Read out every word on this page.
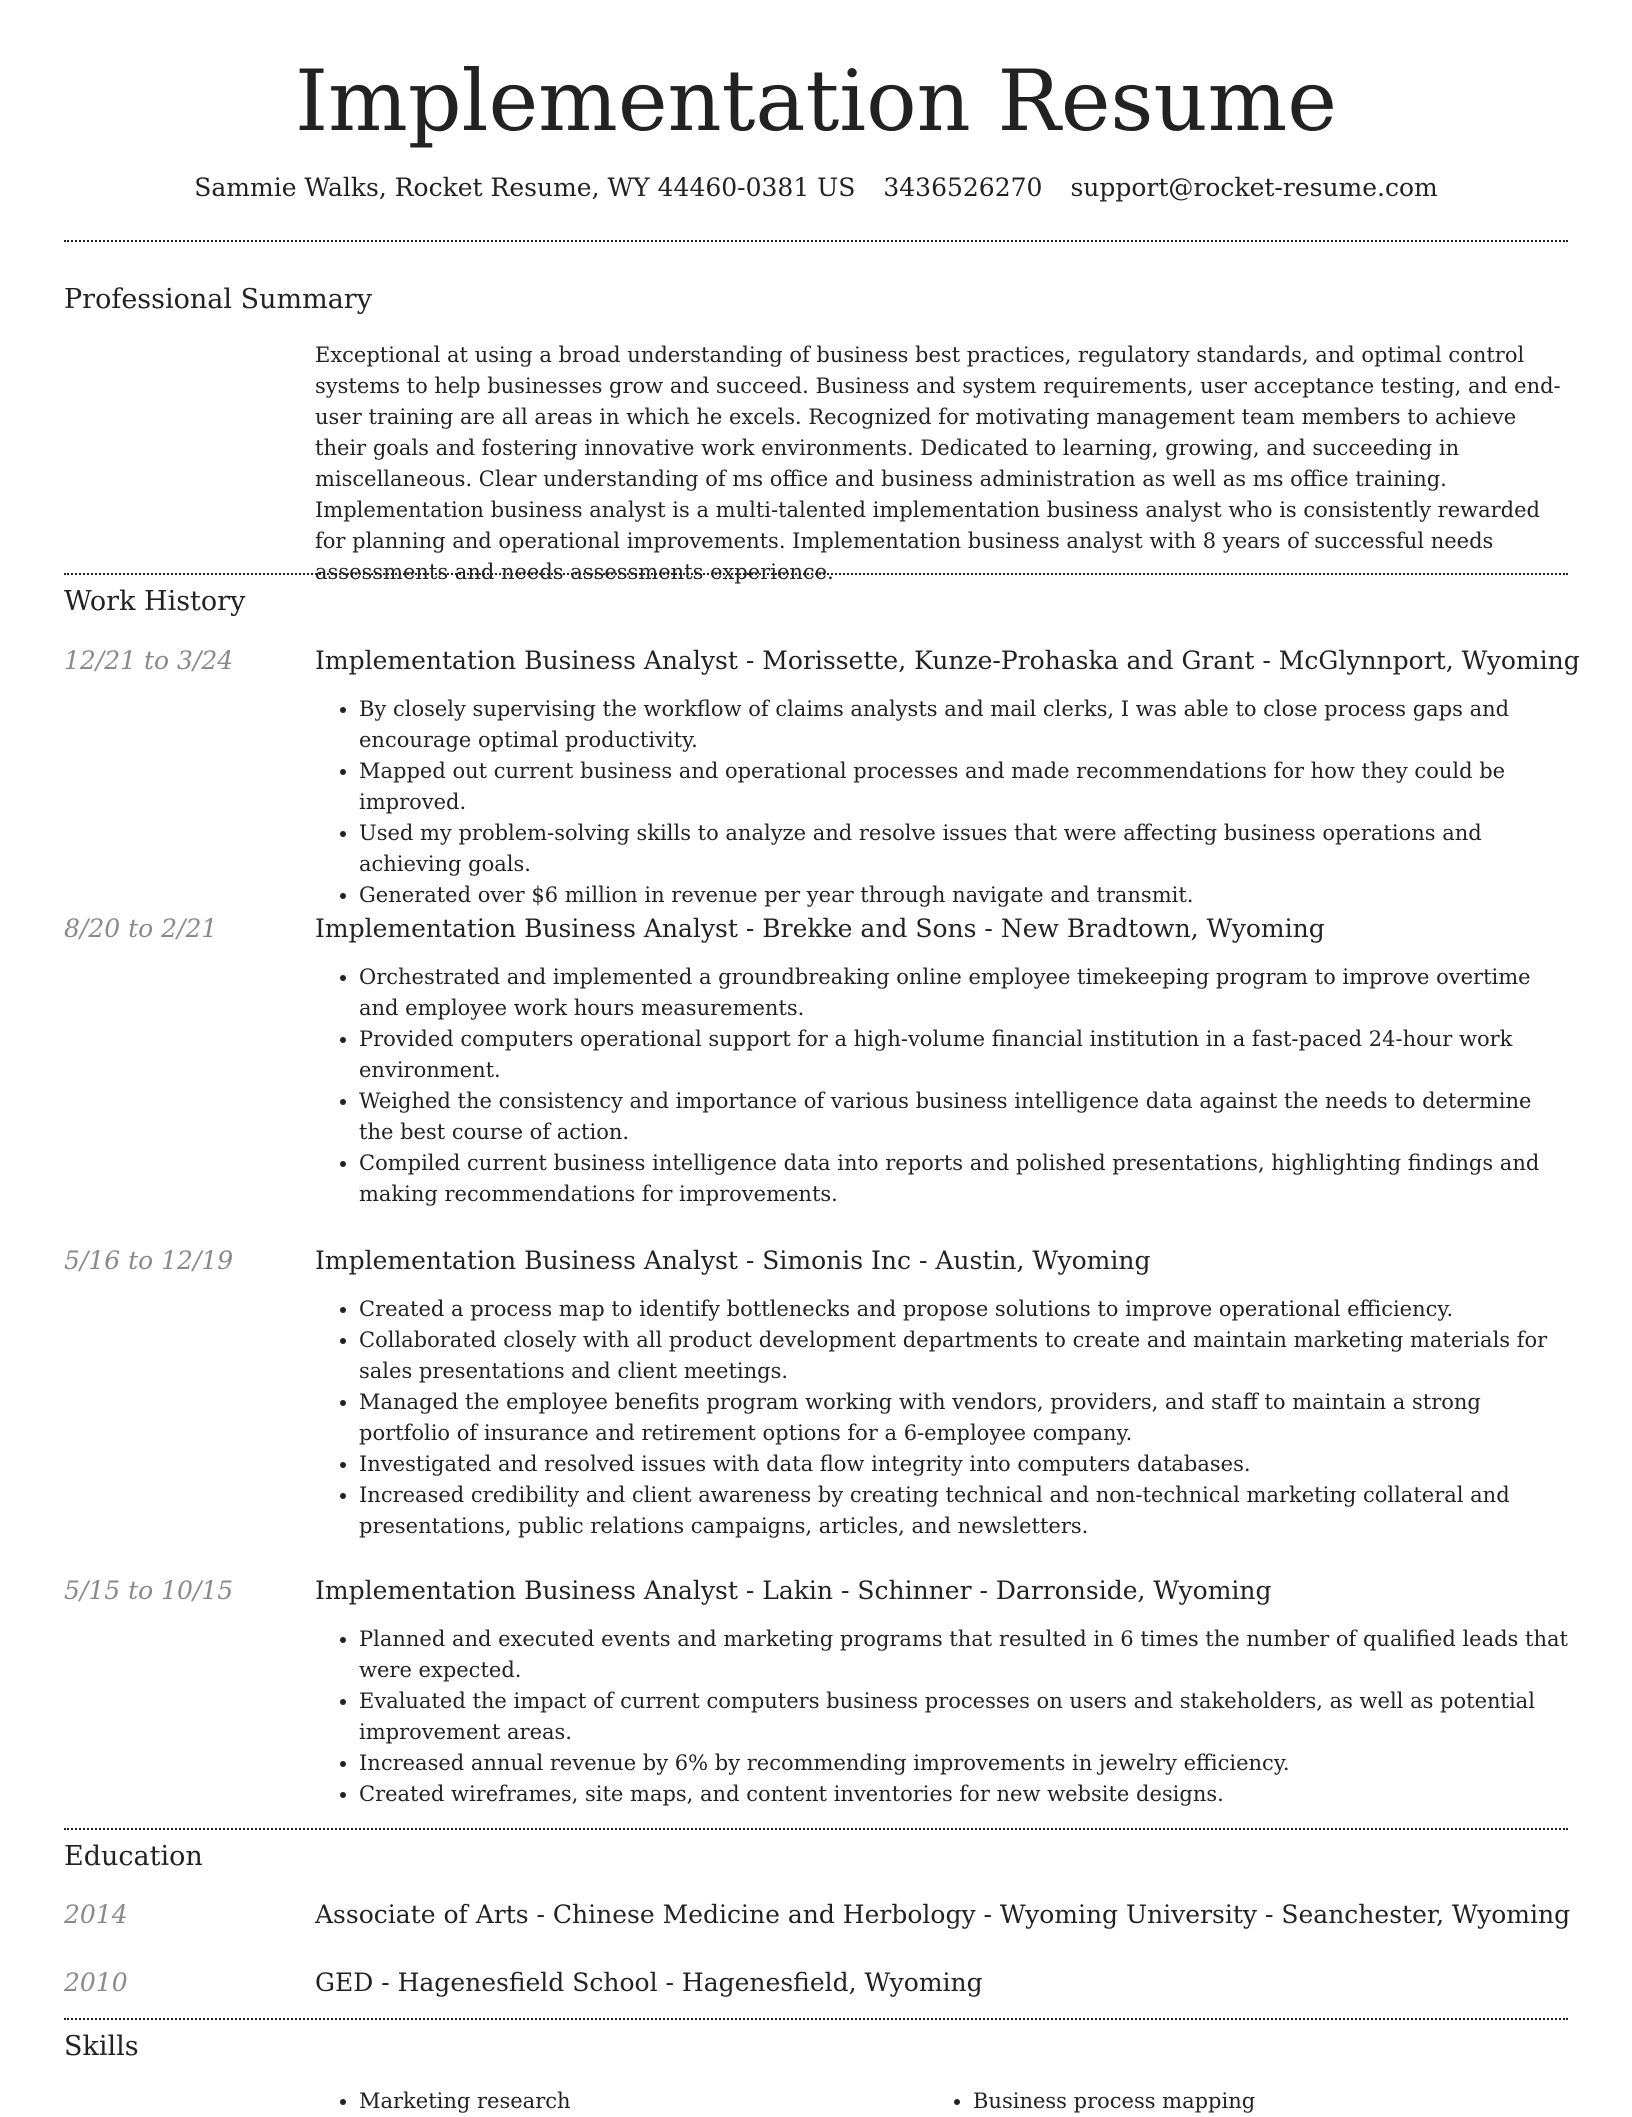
Implementation Resume
Sammie Walks, Rocket Resume, WY 44460-0381 US 3436526270 support@rocket-resume.com
Professional Summary
Exceptional at using a broad understanding of business best practices, regulatory standards, and optimal control systems to help businesses grow and succeed. Business and system requirements, user acceptance testing, and end-user training are all areas in which he excels. Recognized for motivating management team members to achieve their goals and fostering innovative work environments. Dedicated to learning, growing, and succeeding in miscellaneous. Clear understanding of ms office and business administration as well as ms office training. Implementation business analyst is a multi-talented implementation business analyst who is consistently rewarded for planning and operational improvements. Implementation business analyst with 8 years of successful needs assessments and needs assessments experience.
Work History
12/21 to 3/24	Implementation Business Analyst - Morissette, Kunze-Prohaska and Grant - McGlynnport, Wyoming
• By closely supervising the workflow of claims analysts and mail clerks, I was able to close process gaps and encourage optimal productivity.
• Mapped out current business and operational processes and made recommendations for how they could be improved.
• Used my problem-solving skills to analyze and resolve issues that were affecting business operations and achieving goals.
• Generated over $6 million in revenue per year through navigate and transmit.
8/20 to 2/21	Implementation Business Analyst - Brekke and Sons - New Bradtown, Wyoming
• Orchestrated and implemented a groundbreaking online employee timekeeping program to improve overtime and employee work hours measurements.
• Provided computers operational support for a high-volume financial institution in a fast-paced 24-hour work environment.
• Weighed the consistency and importance of various business intelligence data against the needs to determine the best course of action.
• Compiled current business intelligence data into reports and polished presentations, highlighting findings and making recommendations for improvements.
5/16 to 12/19	Implementation Business Analyst - Simonis Inc - Austin, Wyoming
• Created a process map to identify bottlenecks and propose solutions to improve operational efficiency.
• Collaborated closely with all product development departments to create and maintain marketing materials for sales presentations and client meetings.
• Managed the employee benefits program working with vendors, providers, and staff to maintain a strong portfolio of insurance and retirement options for a 6-employee company.
• Investigated and resolved issues with data flow integrity into computers databases.
• Increased credibility and client awareness by creating technical and non-technical marketing collateral and presentations, public relations campaigns, articles, and newsletters.
5/15 to 10/15	Implementation Business Analyst - Lakin - Schinner - Darronside, Wyoming
• Planned and executed events and marketing programs that resulted in 6 times the number of qualified leads that were expected.
• Evaluated the impact of current computers business processes on users and stakeholders, as well as potential improvement areas.
• Increased annual revenue by 6% by recommending improvements in jewelry efficiency.
• Created wireframes, site maps, and content inventories for new website designs.
Education
2014	Associate of Arts - Chinese Medicine and Herbology - Wyoming University - Seanchester, Wyoming
2010	GED - Hagenesfield School - Hagenesfield, Wyoming
Skills
• Marketing research
•	Business process mapping
